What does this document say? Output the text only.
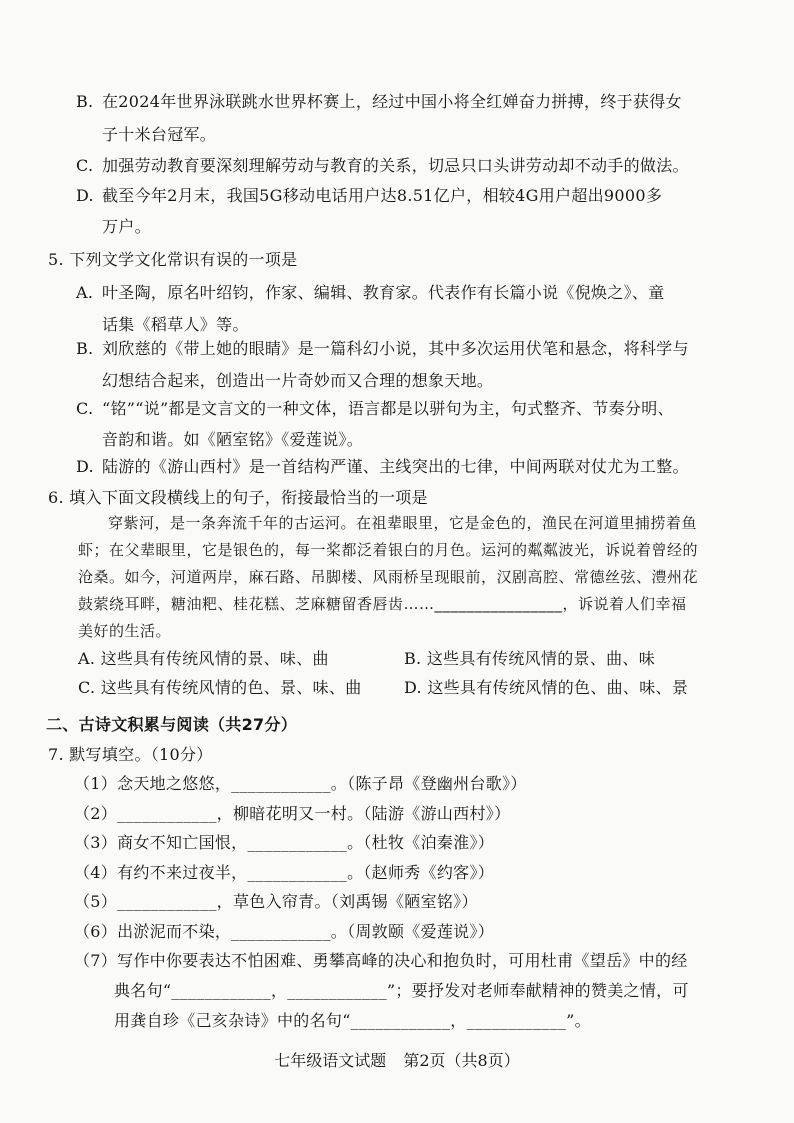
B. 在2024年世界泳联跳水世界杯赛上，经过中国小将全红婵奋力拼搏，终于获得女
子十米台冠军。
C. 加强劳动教育要深刻理解劳动与教育的关系，切忌只口头讲劳动却不动手的做法。
D. 截至今年2月末，我国5G移动电话用户达8.51亿户，相较4G用户超出9000多
万户。
5. 下列文学文化常识有误的一项是
A. 叶圣陶，原名叶绍钧，作家、编辑、教育家。代表作有长篇小说《倪焕之》、童
话集《稻草人》等。
B. 刘欣慈的《带上她的眼睛》是一篇科幻小说，其中多次运用伏笔和悬念，将科学与
幻想结合起来，创造出一片奇妙而又合理的想象天地。
C. “铭”“说”都是文言文的一种文体，语言都是以骈句为主，句式整齐、节奏分明、
音韵和谐。如《陋室铭》《爱莲说》。
D. 陆游的《游山西村》是一首结构严谨、主线突出的七律，中间两联对仗尤为工整。
6. 填入下面文段横线上的句子，衔接最恰当的一项是

穿紫河，是一条奔流千年的古运河。在祖辈眼里，它是金色的，渔民在河道里捕捞着鱼虾；在父辈眼里，它是银色的，每一桨都泛着银白的月色。运河的粼粼波光，诉说着曾经的沧桑。如今，河道两岸，麻石路、吊脚楼、风雨桥呈现眼前，汉剧高腔、常德丝弦、澧州花鼓萦绕耳畔，糖油粑、桂花糕、芝麻糖留香唇齿……________________，诉说着人们幸福美好的生活。

A. 这些具有传统风情的景、味、曲	B. 这些具有传统风情的景、曲、味
C. 这些具有传统风情的色、景、味、曲	D. 这些具有传统风情的色、曲、味、景
二、古诗文积累与阅读（共27分）
7. 默写填空。（10分）
（1）念天地之悠悠，____________。（陈子昂《登幽州台歌》）
（2）____________，柳暗花明又一村。（陆游《游山西村》）
（3）商女不知亡国恨，____________。（杜牧《泊秦淮》）
（4）有约不来过夜半，____________。（赵师秀《约客》）
（5）____________，草色入帘青。（刘禹锡《陋室铭》）
（6）出淤泥而不染，____________。（周敦颐《爱莲说》）
（7）写作中你要表达不怕困难、勇攀高峰的决心和抱负时，可用杜甫《望岳》中的经
典名句“____________，____________”；要抒发对老师奉献精神的赞美之情，可
用龚自珍《己亥杂诗》中的名句“____________，____________”。
七年级语文试题 第2页（共8页）
